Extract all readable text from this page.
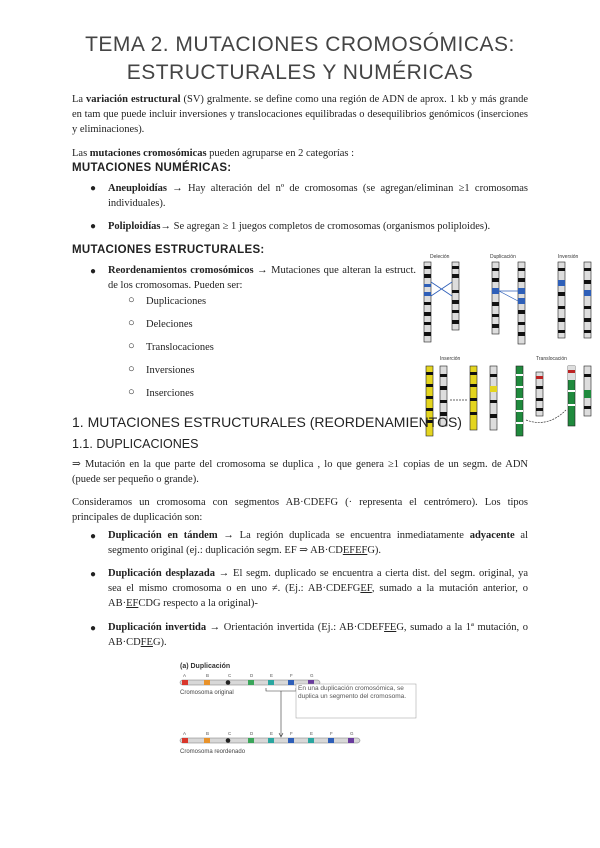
TEMA 2. MUTACIONES CROMOSÓMICAS:
ESTRUCTURALES Y NUMÉRICAS
La variación estructural (SV) gralmente. se define como una región de ADN de aprox. 1 kb y más grande en tam que puede incluir inversiones y translocaciones equilibradas o desequilibrios genómicos (inserciones y eliminaciones).
Las mutaciones cromosómicas pueden agruparse en 2 categorías :
MUTACIONES NUMÉRICAS:
● Aneuploidías → Hay alteración del nº de cromosomas (se agregan/eliminan ≥1 cromosomas individuales).
● Poliploidías→ Se agregan ≥ 1 juegos completos de cromosomas (organismos poliploides).
MUTACIONES ESTRUCTURALES:
● Reordenamientos cromosómicos → Mutaciones que alteran la estruct. de los cromosomas. Pueden ser:
○ Duplicaciones
○ Deleciones
○ Translocaciones
○ Inversiones
○ Inserciones
Deleción	Duplicación	Inversión
Inserción	Translocación
1. MUTACIONES ESTRUCTURALES (REORDENAMIENTOS)
1.1. DUPLICACIONES
⇒ Mutación en la que parte del cromosoma se duplica , lo que genera ≥1 copias de un segm. de ADN (puede ser pequeño o grande).
Consideramos un cromosoma con segmentos AB·CDEFG (· representa el centrómero). Los tipos principales de duplicación son:
● Duplicación en tándem → La región duplicada se encuentra inmediatamente adyacente al segmento original (ej.: duplicación segm. EF ⇒ AB·CDEFEFG).
● Duplicación desplazada → El segm. duplicado se encuentra a cierta dist. del segm. original, ya sea el mismo cromosoma o en uno ≠. (Ej.: AB·CDEFGEF, sumado a la mutación anterior, o AB·EFCDG respecto a la original)-
● Duplicación invertida → Orientación invertida (Ej.: AB·CDEFFEG, sumado a la 1ª mutación, o AB·CDFEG).
(a) Duplicación
A	B	C	D	E	F	G
Cromosoma original
En una duplicación cromosómica, se duplica un segmento del cromosoma.
A	B	C	D	E	F	E	F	G
Cromosoma reordenado
